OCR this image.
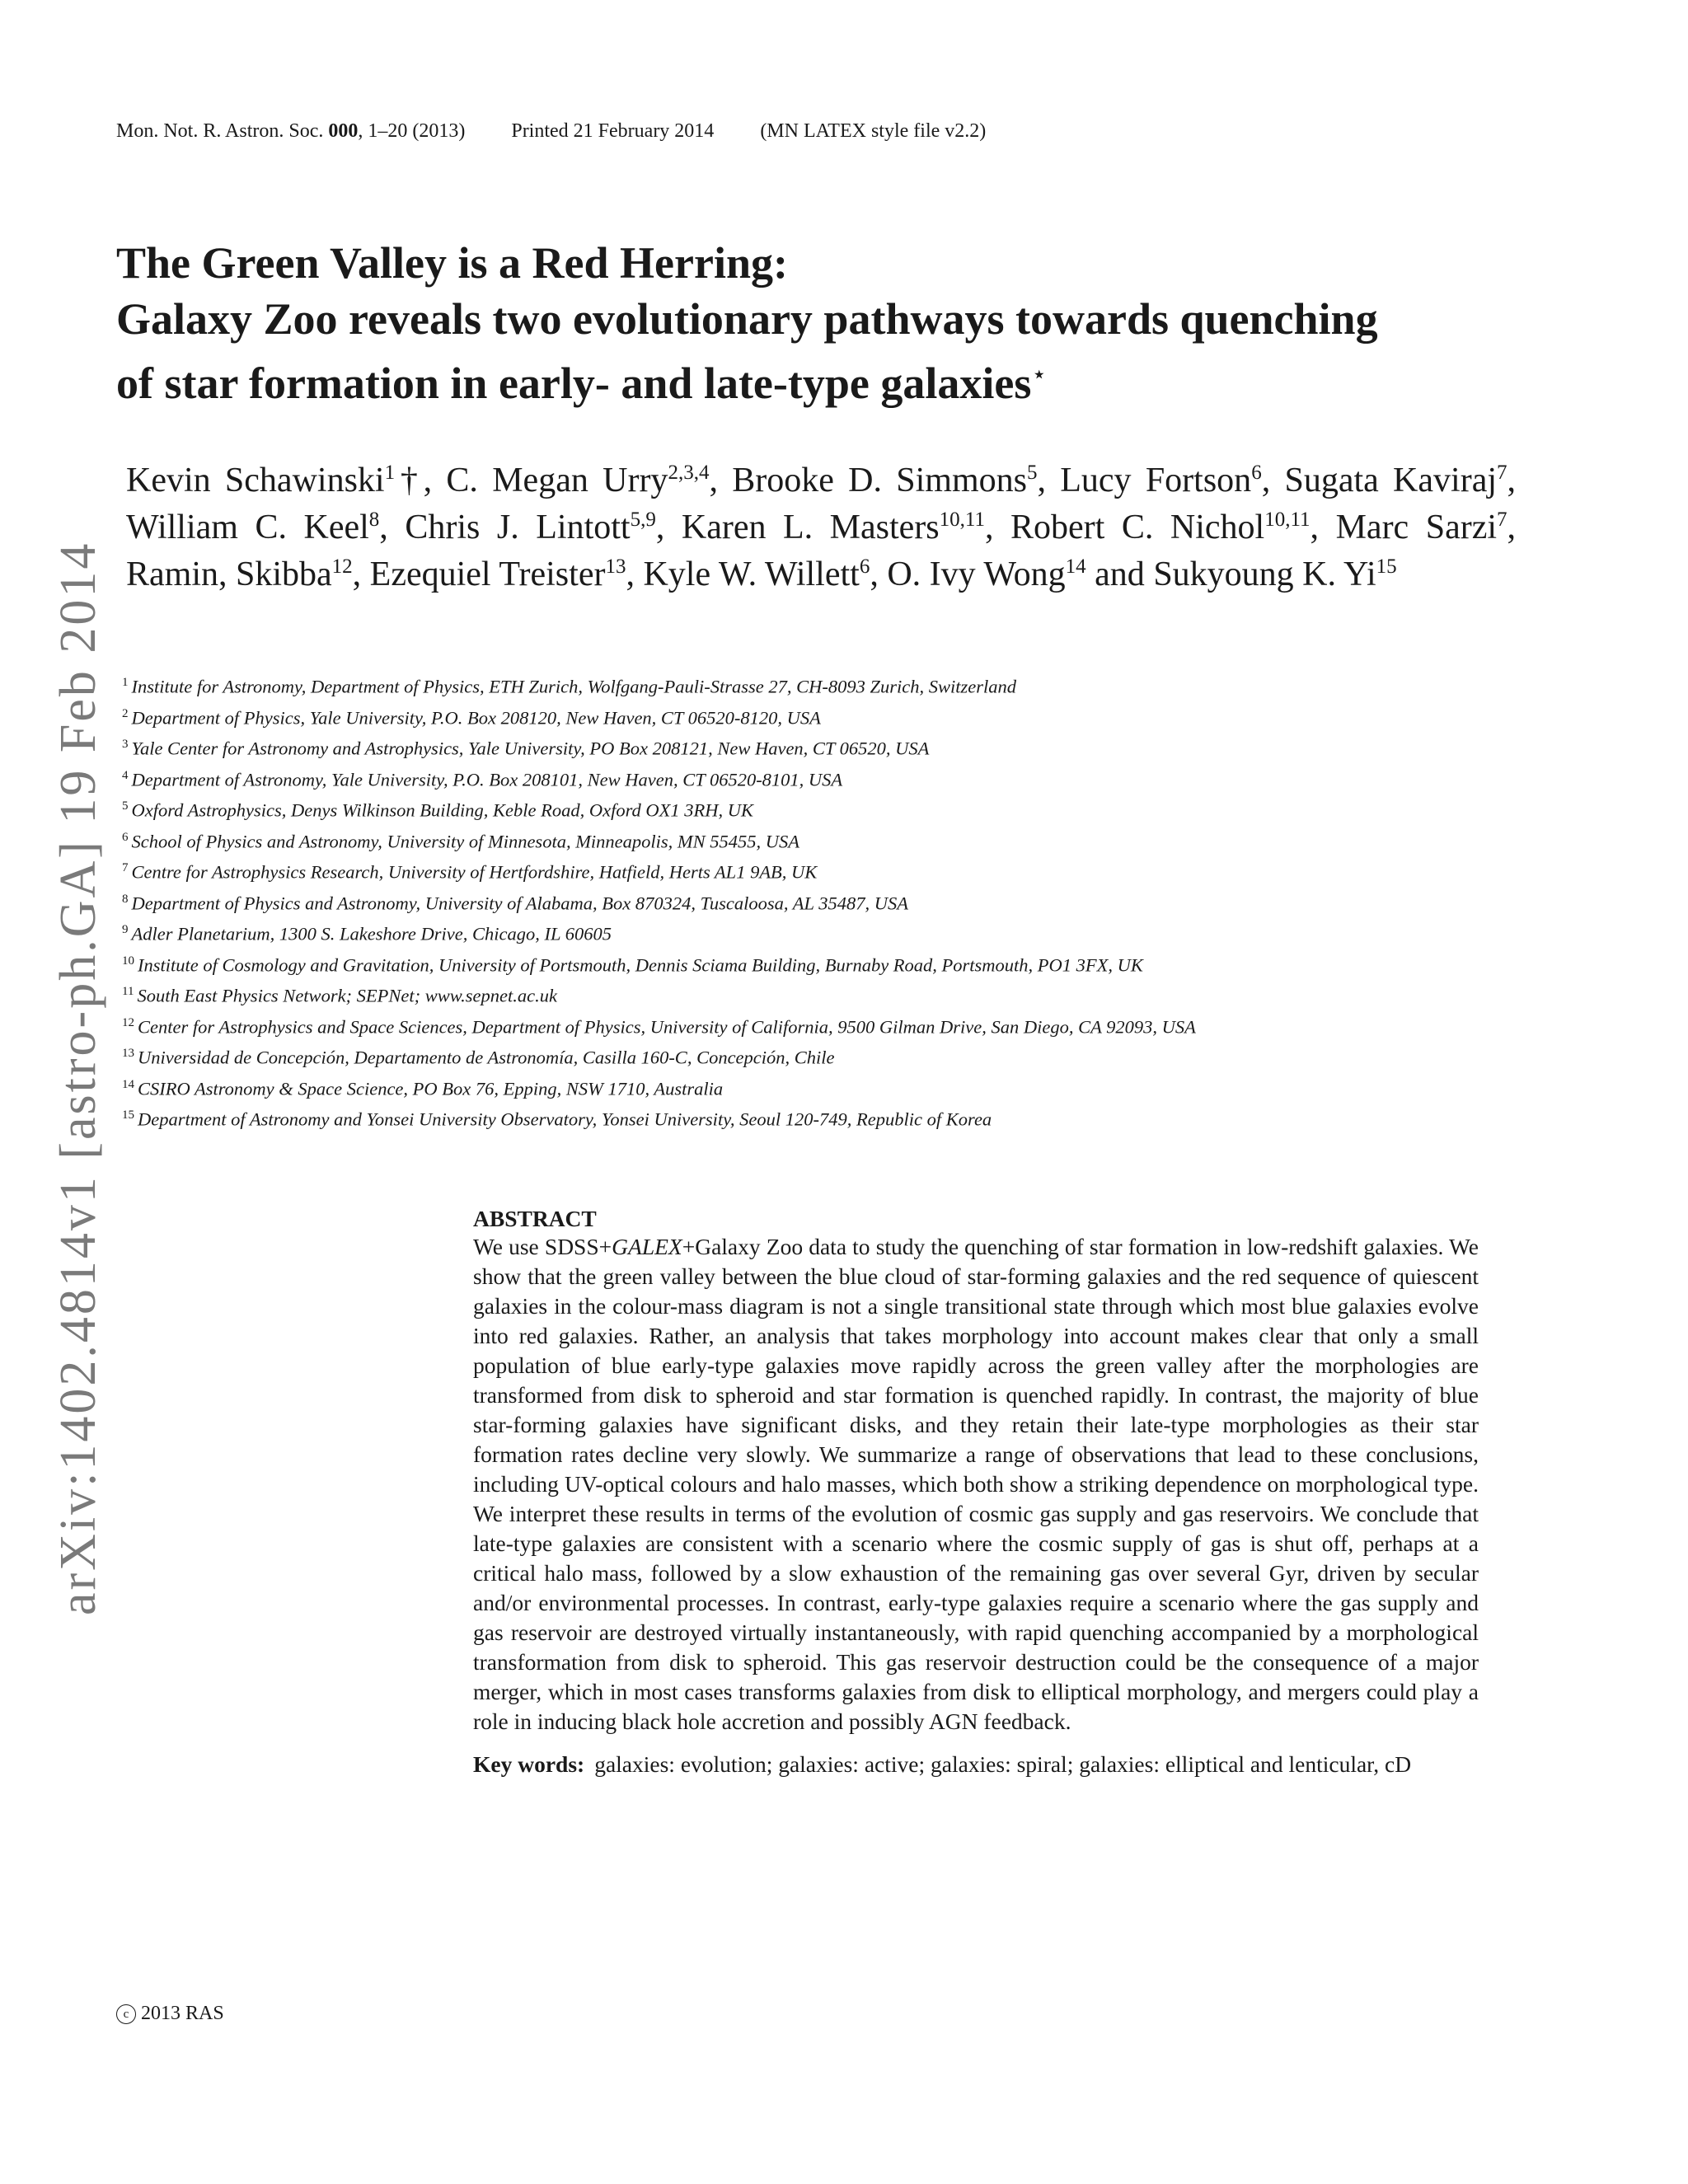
Mon. Not. R. Astron. Soc. 000, 1–20 (2013) Printed 21 February 2014 (MN LATEX style file v2.2)
arXiv:1402.4814v1 [astro-ph.GA] 19 Feb 2014
The Green Valley is a Red Herring:
Galaxy Zoo reveals two evolutionary pathways towards quenching
of star formation in early- and late-type galaxies⋆
Kevin Schawinski$^1$†, C. Megan Urry$^{2,3,4}$, Brooke D. Simmons$^5$, Lucy Fortson$^6$, Sugata Kaviraj$^7$, William C. Keel$^8$, Chris J. Lintott$^{5,9}$, Karen L. Masters$^{10,11}$, Robert C. Nichol$^{10,11}$, Marc Sarzi$^7$, Ramin, Skibba$^{12}$, Ezequiel Treister$^{13}$, Kyle W. Willett$^6$, O. Ivy Wong$^{14}$ and Sukyoung K. Yi$^{15}$
$^1$ Institute for Astronomy, Department of Physics, ETH Zurich, Wolfgang-Pauli-Strasse 27, CH-8093 Zurich, Switzerland
$^2$ Department of Physics, Yale University, P.O. Box 208120, New Haven, CT 06520-8120, USA
$^3$ Yale Center for Astronomy and Astrophysics, Yale University, PO Box 208121, New Haven, CT 06520, USA
$^4$ Department of Astronomy, Yale University, P.O. Box 208101, New Haven, CT 06520-8101, USA
$^5$ Oxford Astrophysics, Denys Wilkinson Building, Keble Road, Oxford OX1 3RH, UK
$^6$ School of Physics and Astronomy, University of Minnesota, Minneapolis, MN 55455, USA
$^7$ Centre for Astrophysics Research, University of Hertfordshire, Hatfield, Herts AL1 9AB, UK
$^8$ Department of Physics and Astronomy, University of Alabama, Box 870324, Tuscaloosa, AL 35487, USA
$^9$ Adler Planetarium, 1300 S. Lakeshore Drive, Chicago, IL 60605
$^{10}$ Institute of Cosmology and Gravitation, University of Portsmouth, Dennis Sciama Building, Burnaby Road, Portsmouth, PO1 3FX, UK
$^{11}$ South East Physics Network; SEPNet; www.sepnet.ac.uk
$^{12}$ Center for Astrophysics and Space Sciences, Department of Physics, University of California, 9500 Gilman Drive, San Diego, CA 92093, USA
$^{13}$ Universidad de Concepción, Departamento de Astronomía, Casilla 160-C, Concepción, Chile
$^{14}$ CSIRO Astronomy & Space Science, PO Box 76, Epping, NSW 1710, Australia
$^{15}$ Department of Astronomy and Yonsei University Observatory, Yonsei University, Seoul 120-749, Republic of Korea
ABSTRACT

We use SDSS+GALEX+Galaxy Zoo data to study the quenching of star formation in low-redshift galaxies. We show that the green valley between the blue cloud of star-forming galaxies and the red sequence of quiescent galaxies in the colour-mass diagram is not a single transitional state through which most blue galaxies evolve into red galaxies. Rather, an analysis that takes morphology into account makes clear that only a small population of blue early-type galaxies move rapidly across the green valley after the morphologies are transformed from disk to spheroid and star formation is quenched rapidly. In contrast, the majority of blue star-forming galaxies have significant disks, and they retain their late-type morphologies as their star formation rates decline very slowly. We summarize a range of observations that lead to these conclusions, including UV-optical colours and halo masses, which both show a striking dependence on morphological type. We interpret these results in terms of the evolution of cosmic gas supply and gas reservoirs. We conclude that late-type galaxies are consistent with a scenario where the cosmic supply of gas is shut off, perhaps at a critical halo mass, followed by a slow exhaustion of the remaining gas over several Gyr, driven by secular and/or environmental processes. In contrast, early-type galaxies require a scenario where the gas supply and gas reservoir are destroyed virtually instantaneously, with rapid quenching accompanied by a morphological transformation from disk to spheroid. This gas reservoir destruction could be the consequence of a major merger, which in most cases transforms galaxies from disk to elliptical morphology, and mergers could play a role in inducing black hole accretion and possibly AGN feedback.

Key words: galaxies: evolution; galaxies: active; galaxies: spiral; galaxies: elliptical and lenticular, cD

c 2013 RAS
